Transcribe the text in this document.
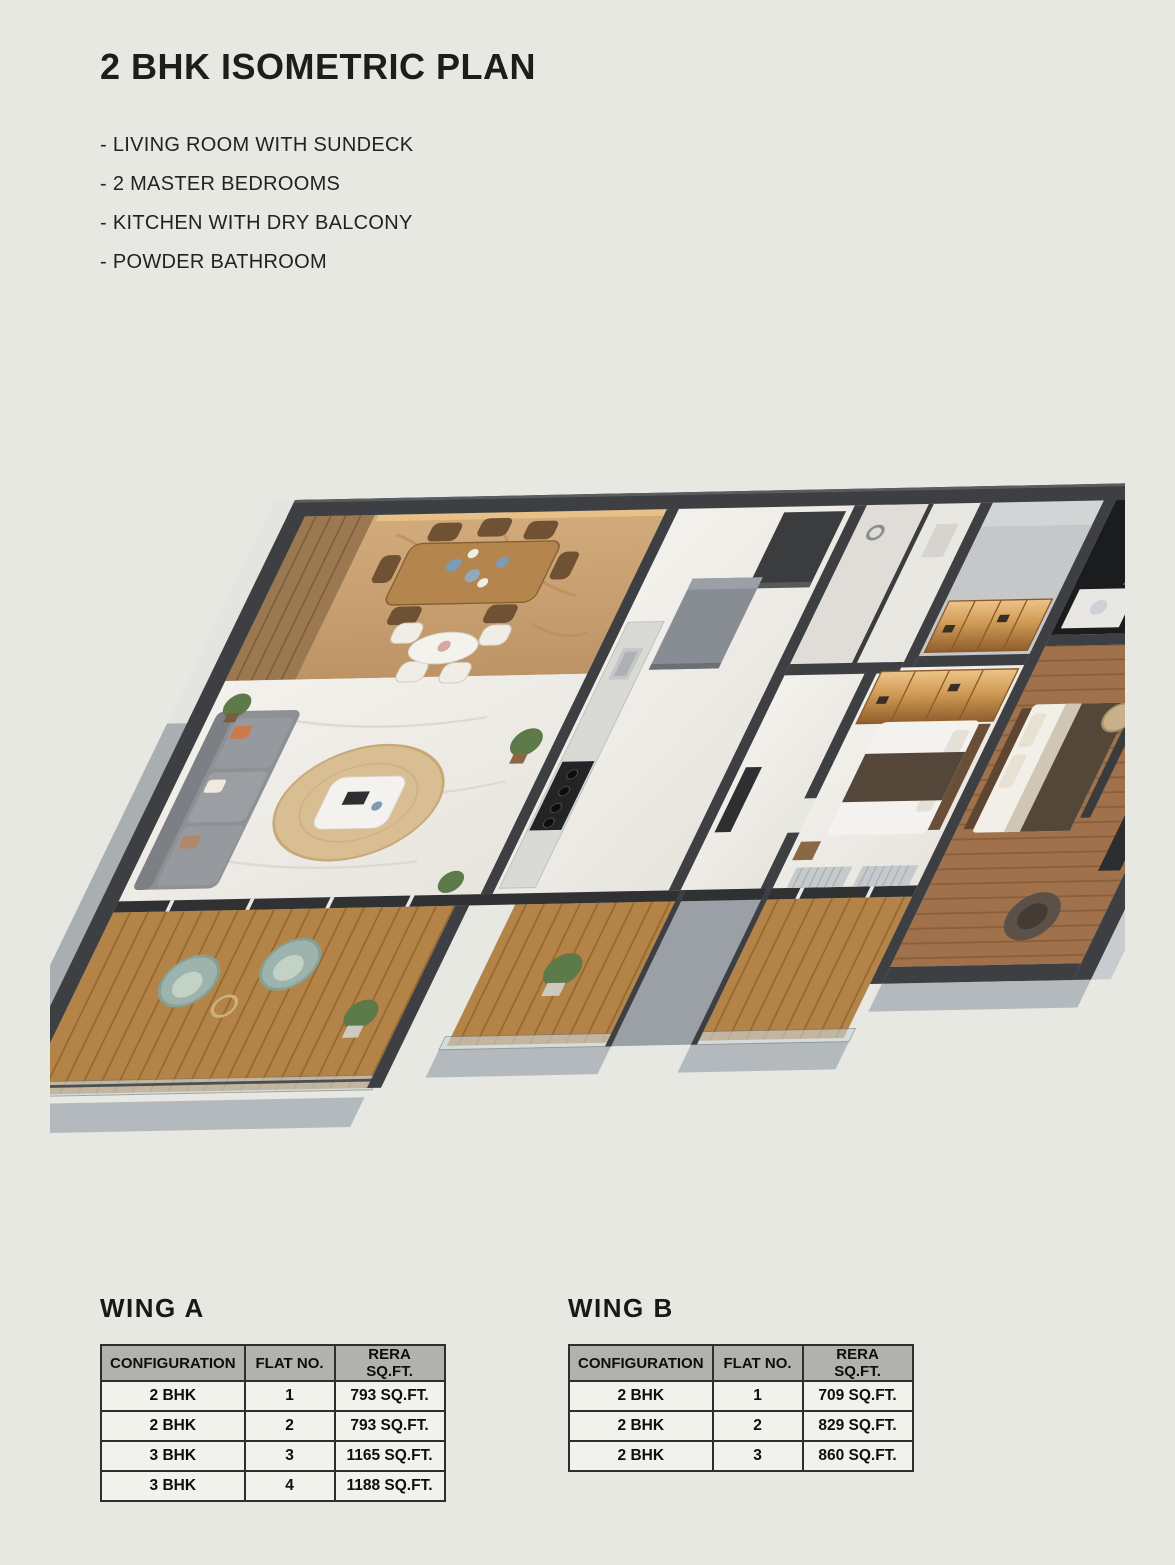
2 BHK ISOMETRIC PLAN
- LIVING ROOM WITH SUNDECK
- 2 MASTER BEDROOMS
- KITCHEN WITH DRY BALCONY
- POWDER BATHROOM
WING A
CONFIGURATION	FLAT NO.	RERA SQ.FT.
2 BHK	1	793 SQ.FT.
2 BHK	2	793 SQ.FT.
3 BHK	3	1165 SQ.FT.
3 BHK	4	1188 SQ.FT.
WING B
CONFIGURATION	FLAT NO.	RERA SQ.FT.
2 BHK	1	709 SQ.FT.
2 BHK	2	829 SQ.FT.
2 BHK	3	860 SQ.FT.
